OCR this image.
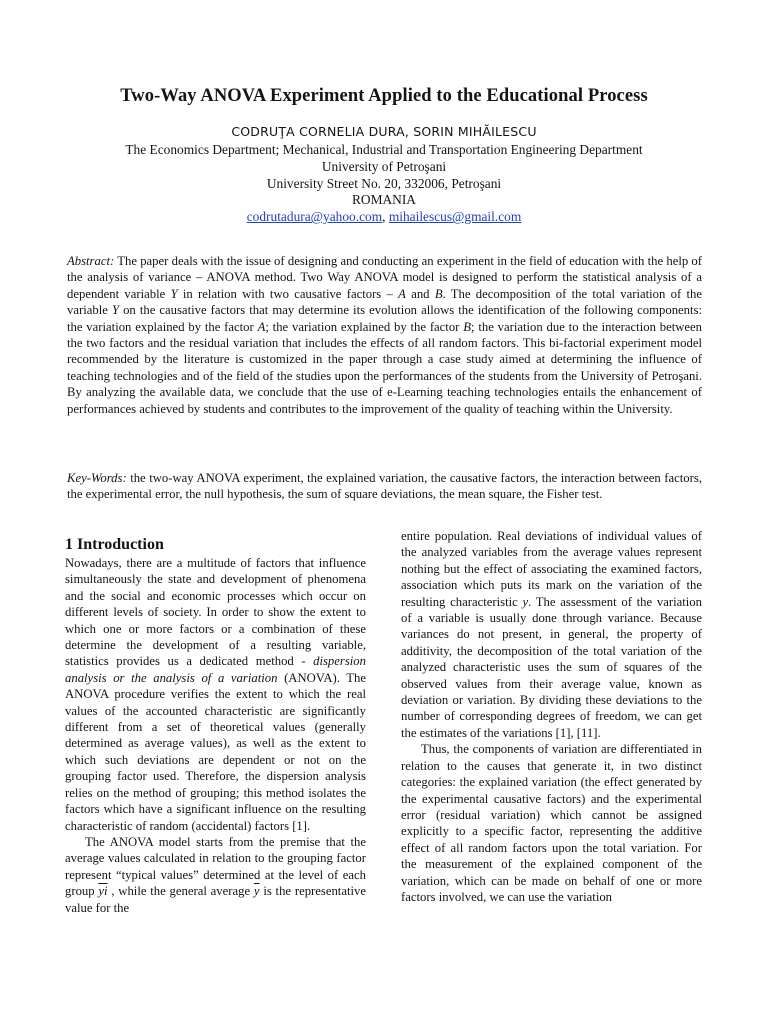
Two-Way ANOVA Experiment Applied to the Educational Process
CODRUŢA CORNELIA DURA, SORIN MIHĂILESCU
The Economics Department; Mechanical, Industrial and Transportation Engineering Department
University of Petroşani
University Street No. 20, 332006, Petroşani
ROMANIA
codrutadura@yahoo.com, mihailescus@gmail.com
Abstract: The paper deals with the issue of designing and conducting an experiment in the field of education with the help of the analysis of variance – ANOVA method. Two Way ANOVA model is designed to perform the statistical analysis of a dependent variable Y in relation with two causative factors – A and B. The decomposition of the total variation of the variable Y on the causative factors that may determine its evolution allows the identification of the following components: the variation explained by the factor A; the variation explained by the factor B; the variation due to the interaction between the two factors and the residual variation that includes the effects of all random factors. This bi-factorial experiment model recommended by the literature is customized in the paper through a case study aimed at determining the influence of teaching technologies and of the field of the studies upon the performances of the students from the University of Petroşani. By analyzing the available data, we conclude that the use of e-Learning teaching technologies entails the enhancement of performances achieved by students and contributes to the improvement of the quality of teaching within the University.
Key-Words: the two-way ANOVA experiment, the explained variation, the causative factors, the interaction between factors, the experimental error, the null hypothesis, the sum of square deviations, the mean square, the Fisher test.
1 Introduction

Nowadays, there are a multitude of factors that influence simultaneously the state and development of phenomena and the social and economic processes which occur on different levels of society. In order to show the extent to which one or more factors or a combination of these determine the development of a resulting variable, statistics provides us a dedicated method - dispersion analysis or the analysis of a variation (ANOVA). The ANOVA procedure verifies the extent to which the real values of the accounted characteristic are significantly different from a set of theoretical values (generally determined as average values), as well as the extent to which such deviations are dependent or not on the grouping factor used. Therefore, the dispersion analysis relies on the method of grouping; this method isolates the factors which have a significant influence on the resulting characteristic of random (accidental) factors [1].

The ANOVA model starts from the premise that the average values calculated in relation to the grouping factor represent “typical values” determined at the level of each group $\overline{yi}$ , while the general average $\overline{y}$ is the representative value for the

entire population. Real deviations of individual values of the analyzed variables from the average values represent nothing but the effect of associating the examined factors, association which puts its mark on the variation of the resulting characteristic y. The assessment of the variation of a variable is usually done through variance. Because variances do not present, in general, the property of additivity, the decomposition of the total variation of the analyzed characteristic uses the sum of squares of the observed values from their average value, known as deviation or variation. By dividing these deviations to the number of corresponding degrees of freedom, we can get the estimates of the variations [1], [11].

Thus, the components of variation are differentiated in relation to the causes that generate it, in two distinct categories: the explained variation (the effect generated by the experimental causative factors) and the experimental error (residual variation) which cannot be assigned explicitly to a specific factor, representing the additive effect of all random factors upon the total variation. For the measurement of the explained component of the variation, which can be made on behalf of one or more factors involved, we can use the variation
